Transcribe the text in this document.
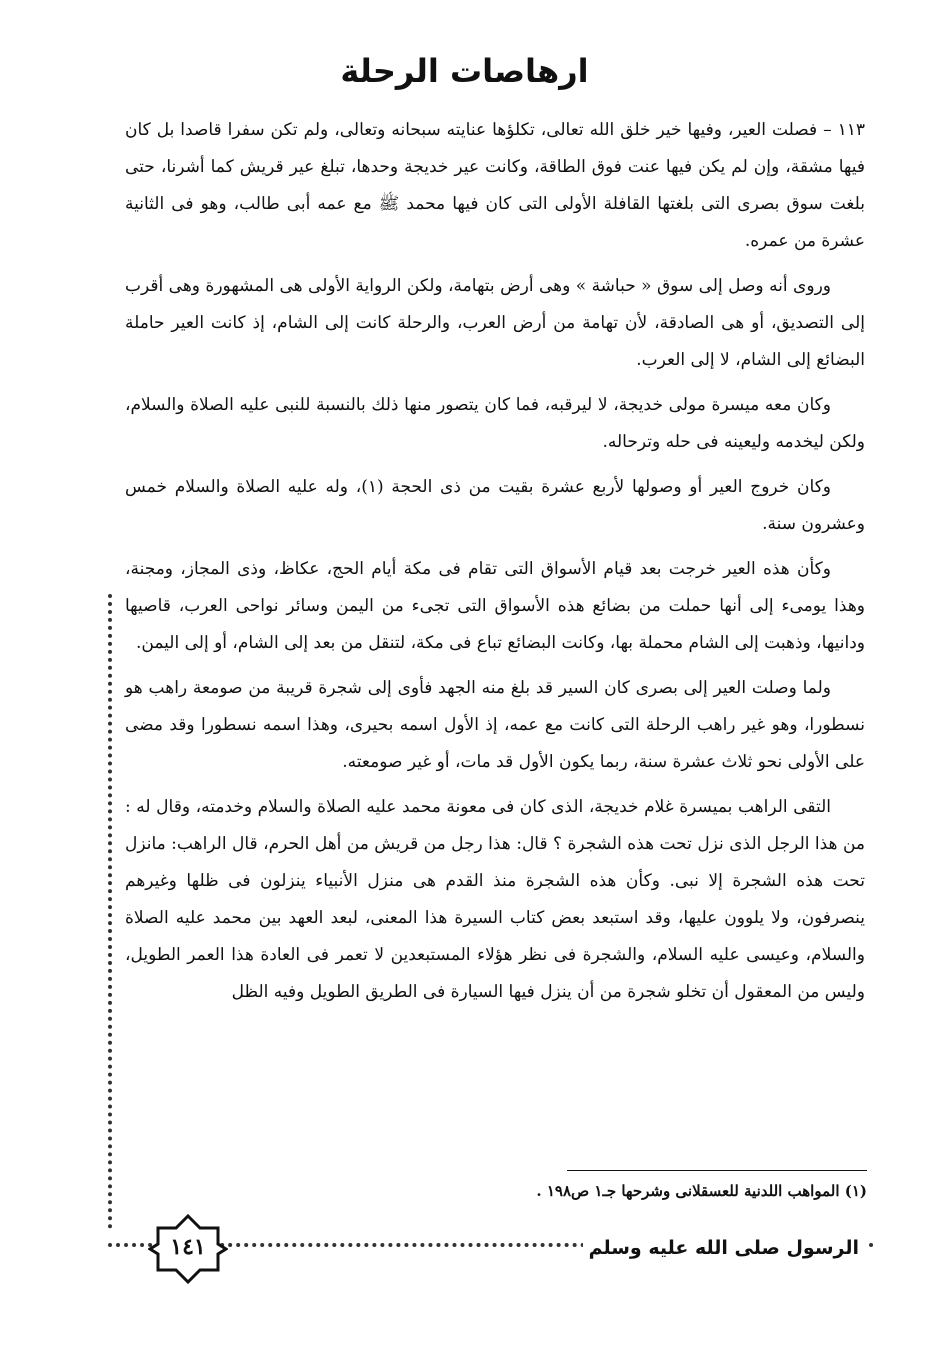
ارهاصات الرحلة

١١٣ – فصلت العير، وفيها خير خلق الله تعالى، تكلؤها عنايته سبحانه وتعالى، ولم تكن سفرا قاصدا بل كان فيها مشقة، وإن لم يكن فيها عنت فوق الطاقة، وكانت عير خديجة وحدها، تبلغ عير قريش كما أشرنا، حتى بلغت سوق بصرى التى بلغتها القافلة الأولى التى كان فيها محمد ﷺ مع عمه أبى طالب، وهو فى الثانية عشرة من عمره.

وروى أنه وصل إلى سوق « حباشة » وهى أرض بتهامة، ولكن الرواية الأولى هى المشهورة وهى أقرب إلى التصديق، أو هى الصادقة، لأن تهامة من أرض العرب، والرحلة كانت إلى الشام، إذ كانت العير حاملة البضائع إلى الشام، لا إلى العرب.

وكان معه ميسرة مولى خديجة، لا ليرقبه، فما كان يتصور منها ذلك بالنسبة للنبى عليه الصلاة والسلام، ولكن ليخدمه وليعينه فى حله وترحاله.

وكان خروج العير أو وصولها لأربع عشرة بقيت من ذى الحجة (١)، وله عليه الصلاة والسلام خمس وعشرون سنة.

وكأن هذه العير خرجت بعد قيام الأسواق التى تقام فى مكة أيام الحج، عكاظ، وذى المجاز، ومجنة، وهذا يومىء إلى أنها حملت من بضائع هذه الأسواق التى تجىء من اليمن وسائر نواحى العرب، قاصيها ودانيها، وذهبت إلى الشام محملة بها، وكانت البضائع تباع فى مكة، لتنقل من بعد إلى الشام، أو إلى اليمن.

ولما وصلت العير إلى بصرى كان السير قد بلغ منه الجهد فأوى إلى شجرة قريبة من صومعة راهب هو نسطورا، وهو غير راهب الرحلة التى كانت مع عمه، إذ الأول اسمه بحيرى، وهذا اسمه نسطورا وقد مضى على الأولى نحو ثلاث عشرة سنة، ربما يكون الأول قد مات، أو غير صومعته.

التقى الراهب بميسرة غلام خديجة، الذى كان فى معونة محمد عليه الصلاة والسلام وخدمته، وقال له : من هذا الرجل الذى نزل تحت هذه الشجرة ؟ قال: هذا رجل من قريش من أهل الحرم، قال الراهب: مانزل تحت هذه الشجرة إلا نبى. وكأن هذه الشجرة منذ القدم هى منزل الأنبياء ينزلون فى ظلها وغيرهم ينصرفون، ولا يلوون عليها، وقد استبعد بعض كتاب السيرة هذا المعنى، لبعد العهد بين محمد عليه الصلاة والسلام، وعيسى عليه السلام، والشجرة فى نظر هؤلاء المستبعدين لا تعمر فى العادة هذا العمر الطويل، وليس من المعقول أن تخلو شجرة من أن ينزل فيها السيارة فى الطريق الطويل وفيه الظل

(١) المواهب اللدنية للعسقلانى وشرحها جـ١ ص١٩٨ .
الرسول صلى الله عليه وسلم
١٤١
